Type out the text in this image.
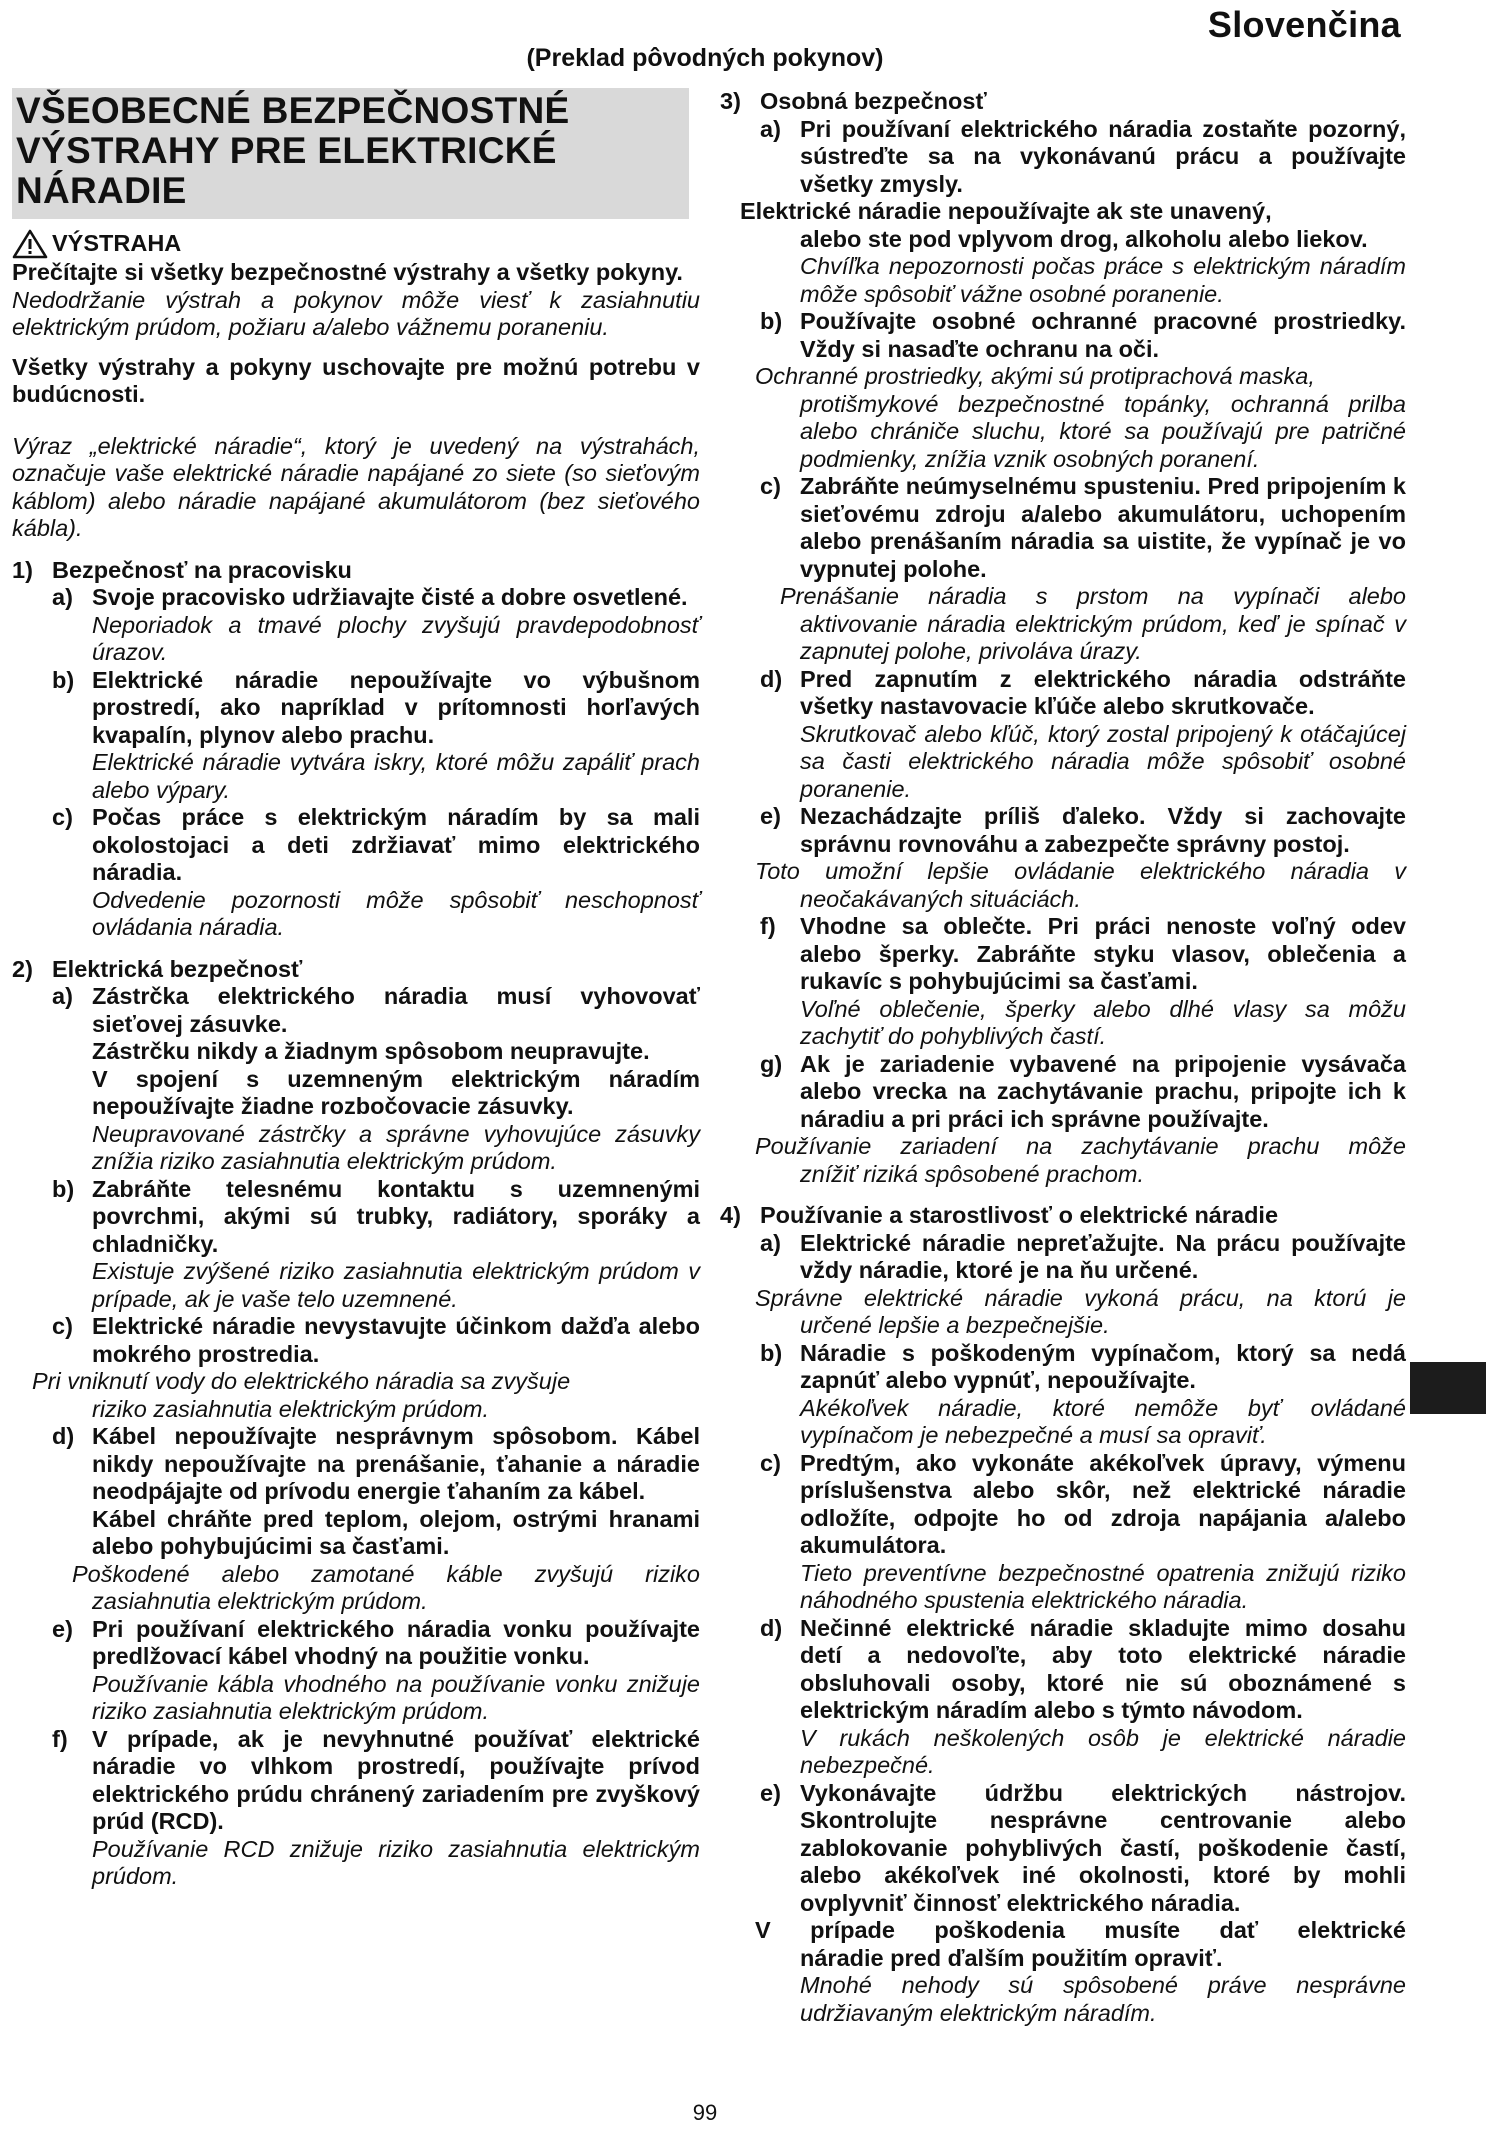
Slovenčina
(Preklad pôvodných pokynov)
VŠEOBECNÉ BEZPEČNOSTNÉ
VÝSTRAHY PRE ELEKTRICKÉ
NÁRADIE
VÝSTRAHA

Prečítajte si všetky bezpečnostné výstrahy a všetky pokyny.

Nedodržanie výstrah a pokynov môže viesť k zasiahnutiu elektrickým prúdom, požiaru a/alebo vážnemu poraneniu.

Všetky výstrahy a pokyny uschovajte pre možnú potrebu v budúcnosti.

Výraz „elektrické náradie“, ktorý je uvedený na výstrahách, označuje vaše elektrické náradie napájané zo siete (so sieťovým káblom) alebo náradie napájané akumulátorom (bez sieťového kábla).

1) Bezpečnosť na pracovisku
a) Svoje pracovisko udržiavajte čisté a dobre osvetlené.

Neporiadok a tmavé plochy zvyšujú pravdepodobnosť úrazov.

b) Elektrické náradie nepoužívajte vo výbušnom prostredí, ako napríklad v prítomnosti horľavých kvapalín, plynov alebo prachu.

Elektrické náradie vytvára iskry, ktoré môžu zapáliť prach alebo výpary.

c) Počas práce s elektrickým náradím by sa mali okolostojaci a deti zdržiavať mimo elektrického náradia.

Odvedenie pozornosti môže spôsobiť neschopnosť ovládania náradia.

2) Elektrická bezpečnosť
a) Zástrčka elektrického náradia musí vyhovovať sieťovej zásuvke.

Zástrčku nikdy a žiadnym spôsobom neupravujte.

V spojení s uzemneným elektrickým náradím nepoužívajte žiadne rozbočovacie zásuvky.

Neupravované zástrčky a správne vyhovujúce zásuvky znížia riziko zasiahnutia elektrickým prúdom.

b) Zabráňte telesnému kontaktu s uzemnenými povrchmi, akými sú trubky, radiátory, sporáky a chladničky.

Existuje zvýšené riziko zasiahnutia elektrickým prúdom v prípade, ak je vaše telo uzemnené.

c) Elektrické náradie nevystavujte účinkom dažďa alebo mokrého prostredia.

Pri vniknutí vody do elektrického náradia sa zvyšuje

riziko zasiahnutia elektrickým prúdom.

d) Kábel nepoužívajte nesprávnym spôsobom. Kábel nikdy nepoužívajte na prenášanie, ťahanie a náradie neodpájajte od prívodu energie ťahaním za kábel.

Kábel chráňte pred teplom, olejom, ostrými hranami alebo pohybujúcimi sa časťami.

Poškodené alebo zamotané káble zvyšujú riziko

zasiahnutia elektrickým prúdom.

e) Pri používaní elektrického náradia vonku používajte predlžovací kábel vhodný na použitie vonku.

Používanie kábla vhodného na používanie vonku znižuje riziko zasiahnutia elektrickým prúdom.

f)	V prípade, ak je nevyhnutné používať elektrické náradie vo vlhkom prostredí, používajte prívod elektrického prúdu chránený zariadením pre zvyškový prúd (RCD).

Používanie RCD znižuje riziko zasiahnutia elektrickým prúdom.

3) Osobná bezpečnosť
a) Pri používaní elektrického náradia zostaňte pozorný, sústreďte sa na vykonávanú prácu a používajte všetky zmysly.

Elektrické náradie nepoužívajte ak ste unavený,

alebo ste pod vplyvom drog, alkoholu alebo liekov.

Chvíľka nepozornosti počas práce s elektrickým náradím môže spôsobiť vážne osobné poranenie.

b) Používajte osobné ochranné pracovné prostriedky. Vždy si nasaďte ochranu na oči.

Ochranné prostriedky, akými sú protiprachová maska,

protišmykové bezpečnostné topánky, ochranná prilba alebo chrániče sluchu, ktoré sa používajú pre patričné podmienky, znížia vznik osobných poranení.

c) Zabráňte neúmyselnému spusteniu. Pred pripojením k sieťovému zdroju a/alebo akumulátoru, uchopením alebo prenášaním náradia sa uistite, že vypínač je vo vypnutej polohe.

Prenášanie náradia s prstom na vypínači alebo

aktivovanie náradia elektrickým prúdom, keď je spínač v zapnutej polohe, privoláva úrazy.

d) Pred zapnutím z elektrického náradia odstráňte všetky nastavovacie kľúče alebo skrutkovače.

Skrutkovač alebo kľúč, ktorý zostal pripojený k otáčajúcej sa časti elektrického náradia môže spôsobiť osobné poranenie.

e) Nezachádzajte príliš ďaleko. Vždy si zachovajte správnu rovnováhu a zabezpečte správny postoj.

Toto umožní lepšie ovládanie elektrického náradia v

neočakávaných situáciách.

f)	Vhodne sa oblečte. Pri práci nenoste voľný odev alebo šperky. Zabráňte styku vlasov, oblečenia a rukavíc s pohybujúcimi sa časťami.

Voľné oblečenie, šperky alebo dlhé vlasy sa môžu zachytiť do pohyblivých častí.

g) Ak je zariadenie vybavené na pripojenie vysávača alebo vrecka na zachytávanie prachu, pripojte ich k náradiu a pri práci ich správne používajte.

Používanie zariadení na zachytávanie prachu môže

znížiť riziká spôsobené prachom.

4) Používanie a starostlivosť o elektrické náradie
a) Elektrické náradie nepreťažujte. Na prácu používajte vždy náradie, ktoré je na ňu určené.

Správne elektrické náradie vykoná prácu, na ktorú je

určené lepšie a bezpečnejšie.

b) Náradie s poškodeným vypínačom, ktorý sa nedá zapnúť alebo vypnúť, nepoužívajte.

Akékoľvek náradie, ktoré nemôže byť ovládané vypínačom je nebezpečné a musí sa opraviť.

c) Predtým, ako vykonáte akékoľvek úpravy, výmenu príslušenstva alebo skôr, než elektrické náradie odložíte, odpojte ho od zdroja napájania a/alebo akumulátora.

Tieto preventívne bezpečnostné opatrenia znižujú riziko náhodného spustenia elektrického náradia.

d) Nečinné elektrické náradie skladujte mimo dosahu detí a nedovoľte, aby toto elektrické náradie obsluhovali osoby, ktoré nie sú oboznámené s elektrickým náradím alebo s týmto návodom.

V rukách neškolených osôb je elektrické náradie nebezpečné.

e) Vykonávajte údržbu elektrických nástrojov. Skontrolujte nesprávne centrovanie alebo zablokovanie pohyblivých častí, poškodenie častí, alebo akékoľvek iné okolnosti, ktoré by mohli ovplyvniť činnosť elektrického náradia.

V prípade poškodenia musíte dať elektrické

náradie pred ďalším použitím opraviť.

Mnohé nehody sú spôsobené práve nesprávne udržiavaným elektrickým náradím.

99
